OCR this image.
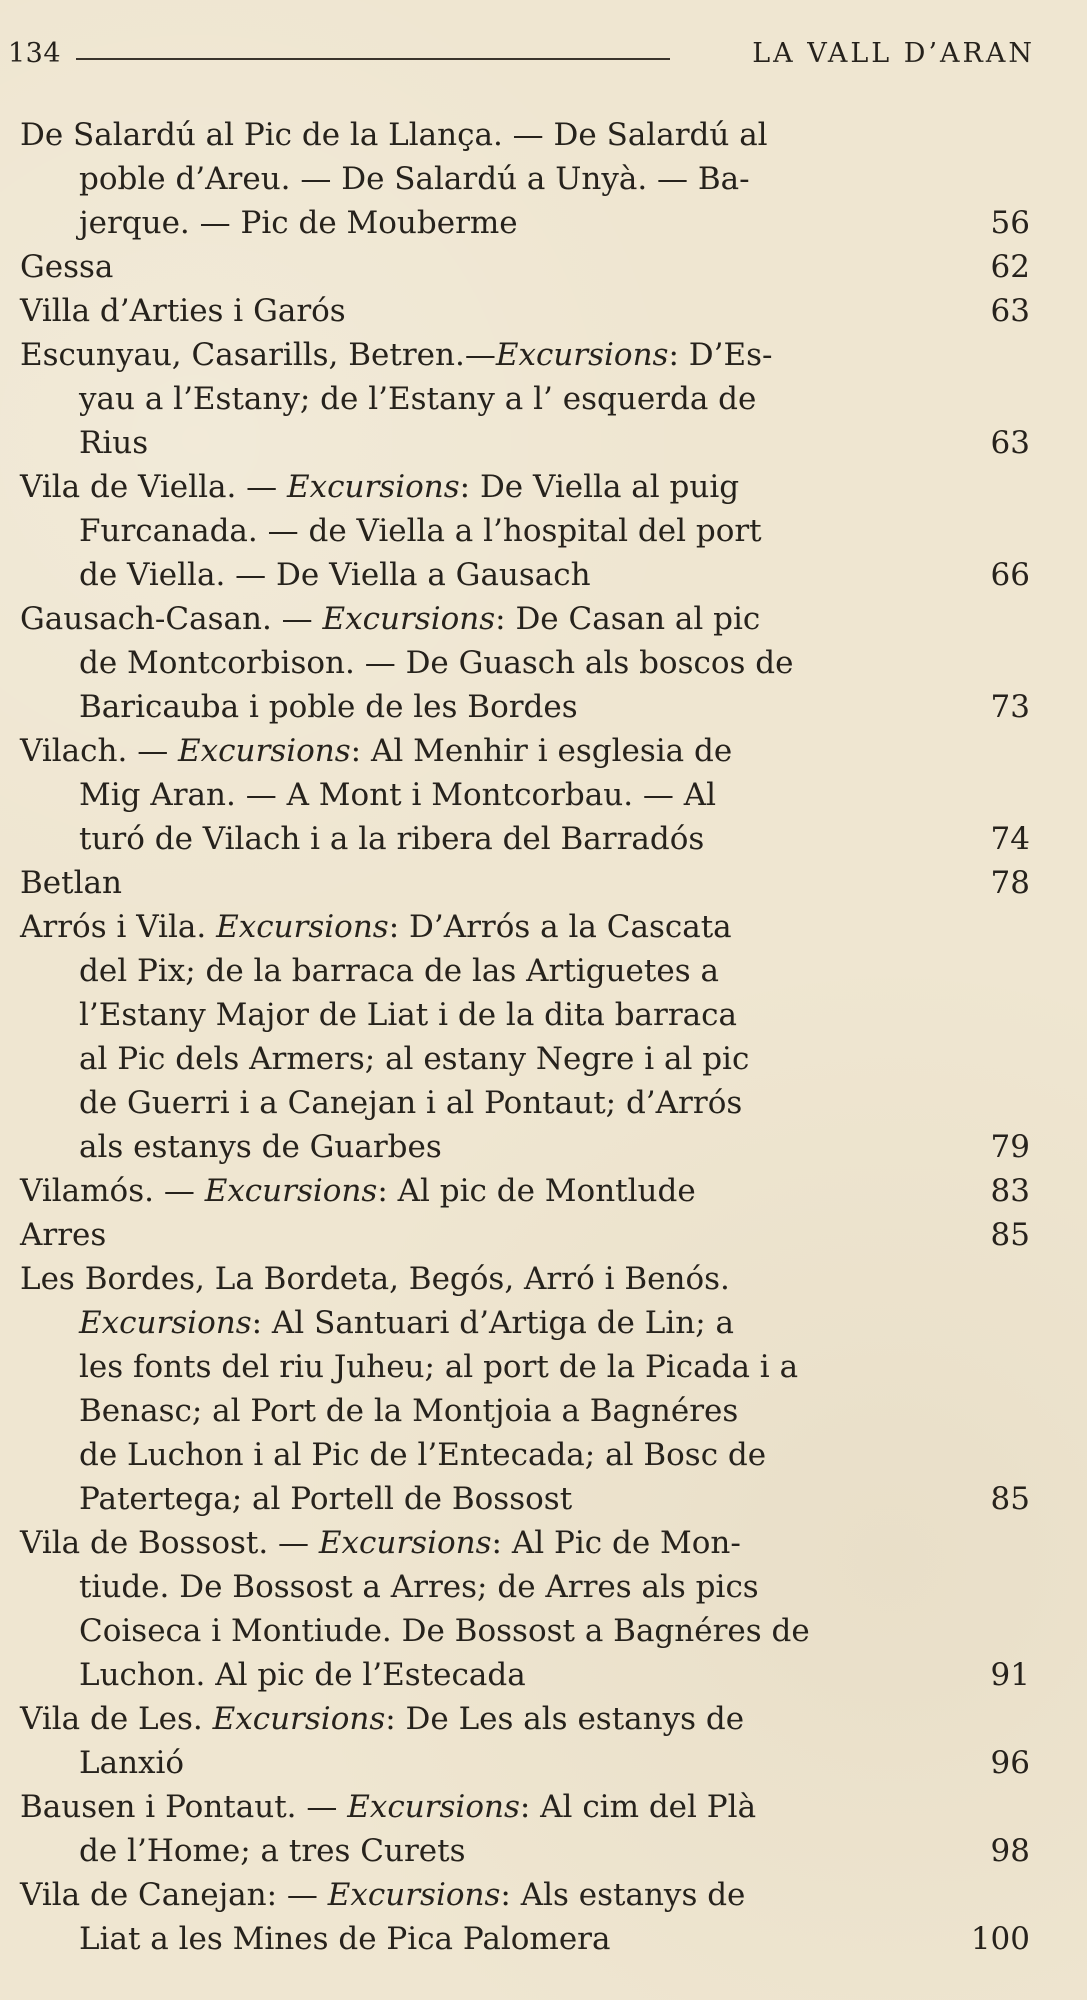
134	LA VALL D’ARAN
De Salardú al Pic de la Llança. — De Salardú al
poble d’Areu. — De Salardú a Unyà. — Ba-
jerque. — Pic de Mouberme	56
Gessa	62
Villa d’Arties i Garós	63
Escunyau, Casarills, Betren.—Excursions: D’Es-
yau a l’Estany; de l’Estany a l’ esquerda de
Rius	63
Vila de Viella. — Excursions: De Viella al puig
Furcanada. — de Viella a l’hospital del port
de Viella. — De Viella a Gausach	66
Gausach-Casan. — Excursions: De Casan al pic
de Montcorbison. — De Guasch als boscos de
Baricauba i poble de les Bordes	73
Vilach. — Excursions: Al Menhir i esglesia de
Mig Aran. — A Mont i Montcorbau. — Al
turó de Vilach i a la ribera del Barradós	74
Betlan	78
Arrós i Vila. Excursions: D’Arrós a la Cascata
del Pix; de la barraca de las Artiguetes a
l’Estany Major de Liat i de la dita barraca
al Pic dels Armers; al estany Negre i al pic
de Guerri i a Canejan i al Pontaut; d’Arrós
als estanys de Guarbes	79
Vilamós. — Excursions: Al pic de Montlude	83
Arres	85
Les Bordes, La Bordeta, Begós, Arró i Benós.
Excursions: Al Santuari d’Artiga de Lin; a
les fonts del riu Juheu; al port de la Picada i a
Benasc; al Port de la Montjoia a Bagnéres
de Luchon i al Pic de l’Entecada; al Bosc de
Patertega; al Portell de Bossost	85
Vila de Bossost. — Excursions: Al Pic de Mon-
tiude. De Bossost a Arres; de Arres als pics
Coiseca i Montiude. De Bossost a Bagnéres de
Luchon. Al pic de l’Estecada	91
Vila de Les. Excursions: De Les als estanys de
Lanxió	96
Bausen i Pontaut. — Excursions: Al cim del Plà
de l’Home; a tres Curets	98
Vila de Canejan: — Excursions: Als estanys de
Liat a les Mines de Pica Palomera	100
